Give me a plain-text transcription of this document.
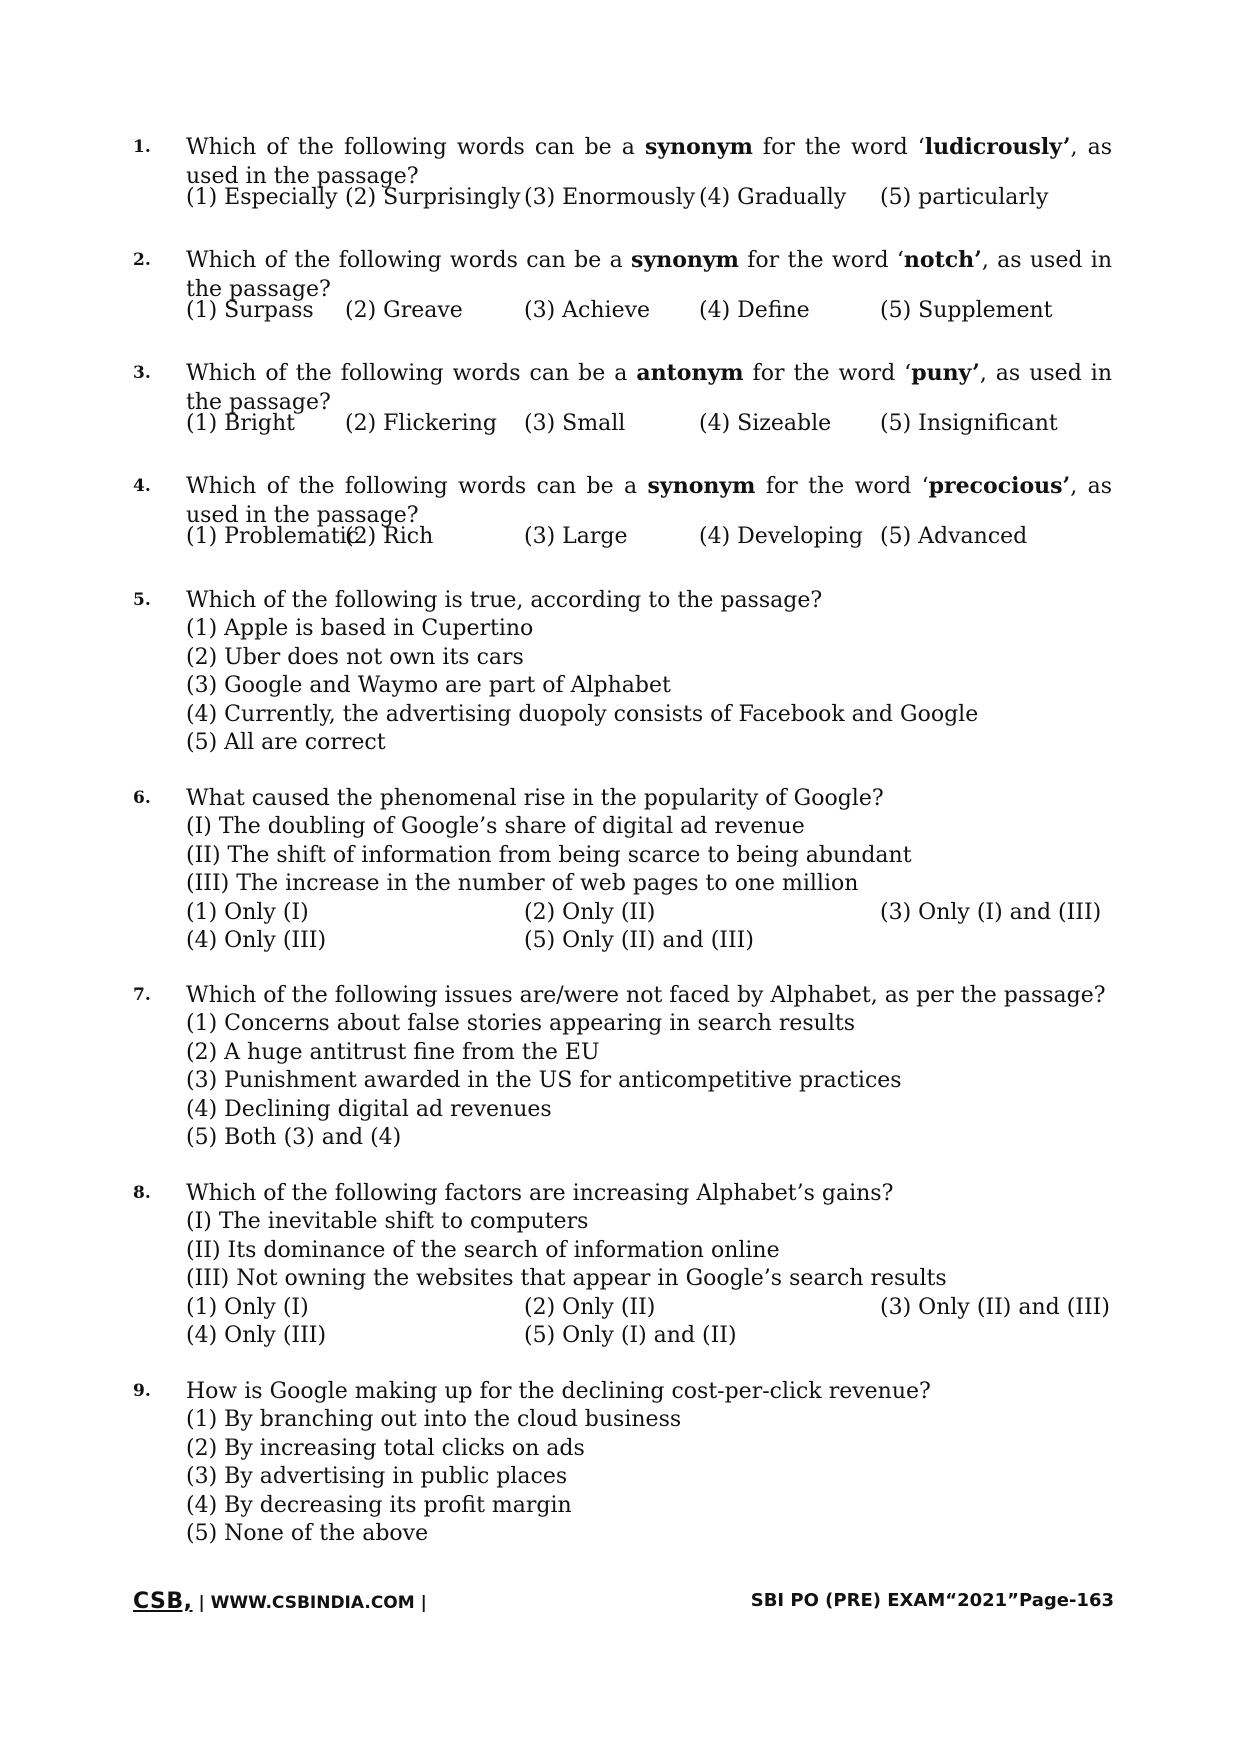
1. Which of the following words can be a synonym for the word ‘ludicrously’, as used in the passage?
(1) Especially (2) Surprisingly (3) Enormously (4) Gradually (5) particularly
2. Which of the following words can be a synonym for the word ‘notch’, as used in the passage?
(1) Surpass (2) Greave	(3) Achieve (4) Define	(5) Supplement
3. Which of the following words can be a antonym for the word ‘puny’, as used in the passage?
(1) Bright (2) Flickering (3) Small	(4) Sizeable (5) Insignificant
4. Which of the following words can be a synonym for the word ‘precocious’, as used in the passage?
(1) Problematic
(2) Rich	(3) Large	(4) Developing (5) Advanced
5. Which of the following is true, according to the passage?
(1) Apple is based in Cupertino
(2) Uber does not own its cars
(3) Google and Waymo are part of Alphabet
(4) Currently, the advertising duopoly consists of Facebook and Google
(5) All are correct
6. What caused the phenomenal rise in the popularity of Google?
(I) The doubling of Google’s share of digital ad revenue
(II) The shift of information from being scarce to being abundant
(III) The increase in the number of web pages to one million
(1) Only (I)	(2) Only (II)	(3) Only (I) and (III)
(4) Only (III)	(5) Only (II) and (III)
7. Which of the following issues are/were not faced by Alphabet, as per the passage?
(1) Concerns about false stories appearing in search results
(2) A huge antitrust fine from the EU
(3) Punishment awarded in the US for anticompetitive practices
(4) Declining digital ad revenues
(5) Both (3) and (4)
8. Which of the following factors are increasing Alphabet’s gains?
(I) The inevitable shift to computers
(II) Its dominance of the search of information online
(III) Not owning the websites that appear in Google’s search results
(1) Only (I)	(2) Only (II)	(3) Only (II) and (III)
(4) Only (III)	(5) Only (I) and (II)
9. How is Google making up for the declining cost-per-click revenue?
(1) By branching out into the cloud business
(2) By increasing total clicks on ads
(3) By advertising in public places
(4) By decreasing its profit margin
(5) None of the above
CSB, | WWW.CSBINDIA.COM |	SBI PO (PRE) EXAM“2021”Page-163
